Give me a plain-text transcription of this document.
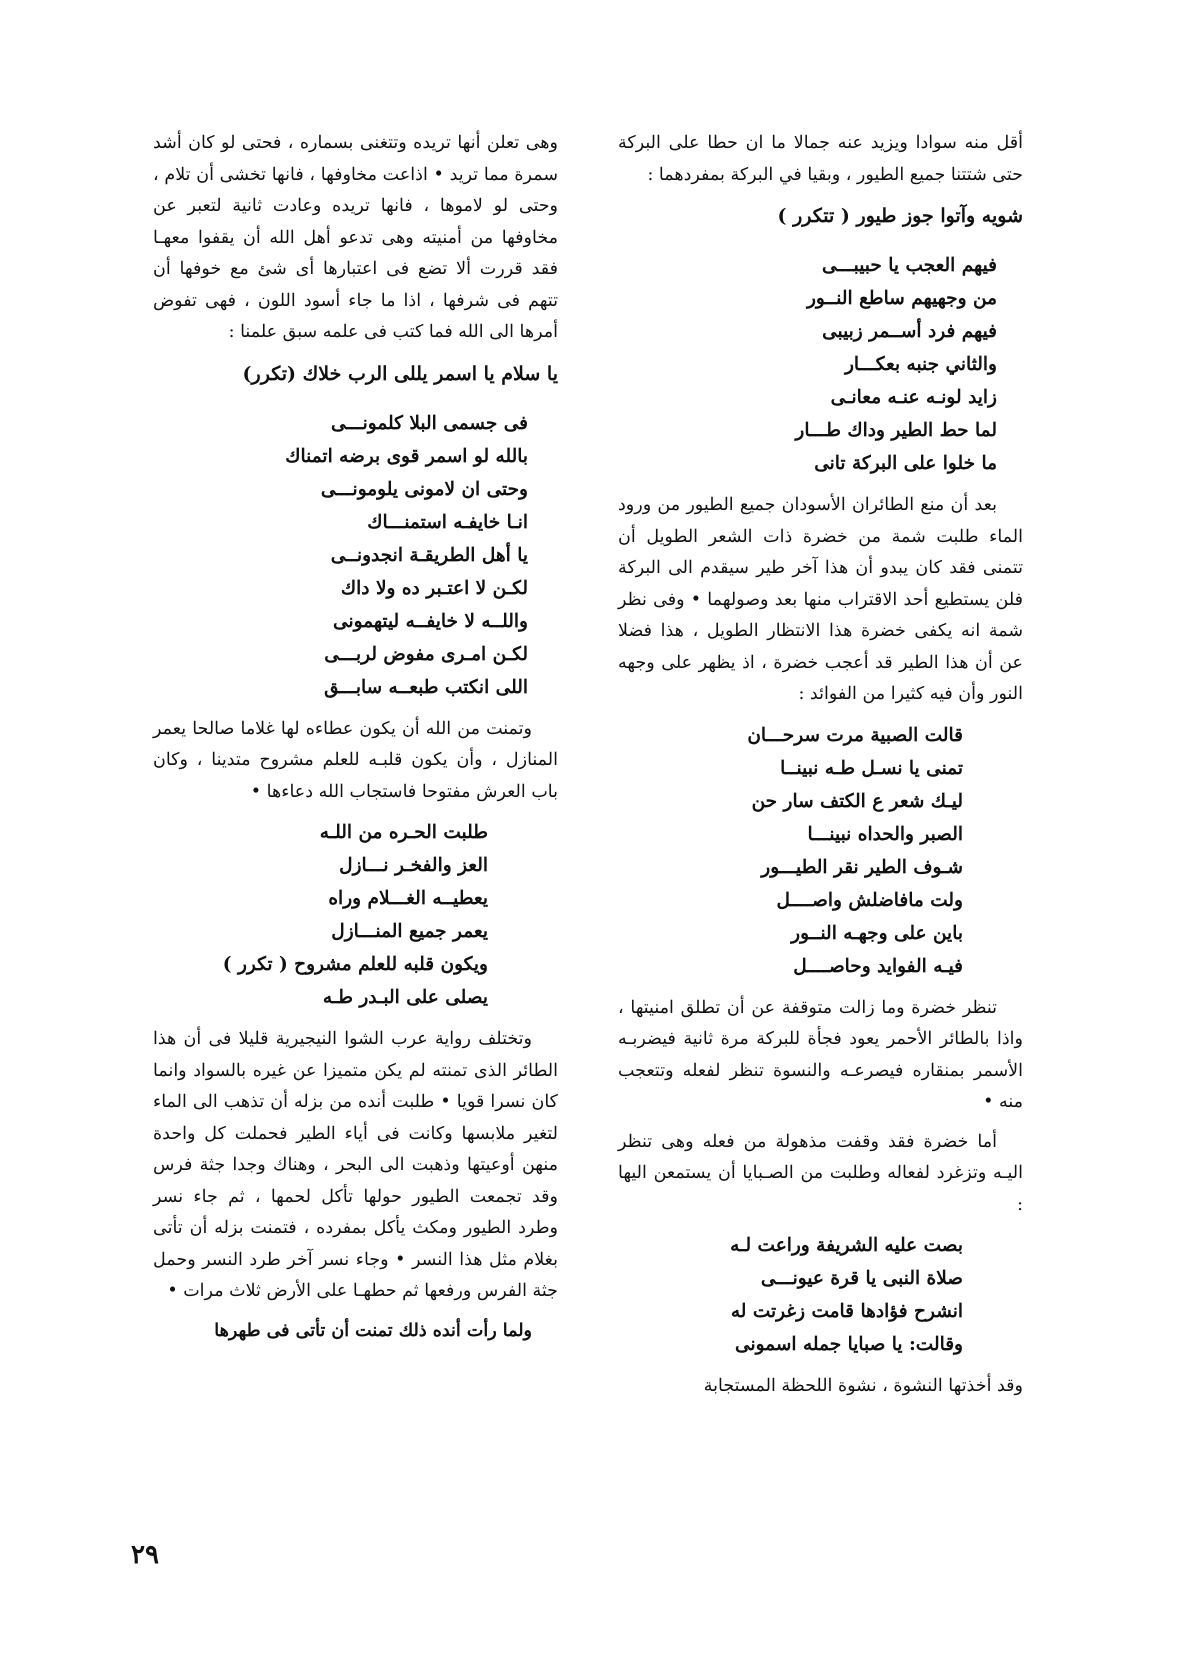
أقل منه سوادا ويزيد عنه جمالا ما ان حطا على البركة حتى شتتنا جميع الطيور ، وبقيا في البركة بمفردهما :

شويه وآتوا جوز طيور ( تتكرر )
فيهم العجب يا حبيبـــى
من وجهيهم ساطع النــور
فيهم فرد أســمر زبيبى
والثاني جنبه بعكـــار
زايد لونـه عنـه معانـى
لما حط الطير وداك طـــار
ما خلوا على البركة تانى

بعد أن منع الطائران الأسودان جميع الطيور من ورود الماء طلبت شمة من خضرة ذات الشعر الطويل أن تتمنى فقد كان يبدو أن هذا آخر طير سيقدم الى البركة فلن يستطيع أحد الاقتراب منها بعد وصولهما • وفى نظر شمة انه يكفى خضرة هذا الانتظار الطويل ، هذا فضلا عن أن هذا الطير قد أعجب خضرة ، اذ يظهر على وجهه النور وأن فيه كثيرا من الفوائد :

قالت الصبية مرت سرحـــان
تمنى يا نسـل طـه نبينــا
ليـك شعر ع الكتف سار حن
الصبر والحداه نبينـــا
شـوف الطير نقر الطيـــور
ولت مافاضلش واصــــل
باين على وجهـه النــور
فيـه الفوايد وحاصــــل

تنظر خضرة وما زالت متوقفة عن أن تطلق امنيتها ، واذا بالطائر الأحمر يعود فجأة للبركة مرة ثانية فيضربـه الأسمر بمنقاره فيصرعـه والنسوة تنظر لفعله وتتعجب منه •

أما خضرة فقد وقفت مذهولة من فعله وهى تنظر اليـه وتزغرد لفعاله وطلبت من الصـبايا أن يستمعن اليها :

بصت عليه الشريفة وراعت لـه
صلاة النبى يا قرة عيونـــى
انشرح فؤادها قامت زغرتت له
وقالت: يا صبايا جمله اسمونى

وقد أخذتها النشوة ، نشوة اللحظة المستجابة

وهى تعلن أنها تريده وتتغنى بسماره ، فحتى لو كان أشد سمرة مما تريد • اذاعت مخاوفها ، فانها تخشى أن تلام ، وحتى لو لاموها ، فانها تريده وعادت ثانية لتعبر عن مخاوفها من أمنيته وهى تدعو أهل الله أن يقفوا معهـا فقد قررت ألا تضع فى اعتبارها أى شئ مع خوفها أن تتهم فى شرفها ، اذا ما جاء أسود اللون ، فهى تفوض أمرها الى الله فما كتب فى علمه سبق علمنا :

يا سلام يا اسمر يللى الرب خلاك (تكرر)
فى جسمى البلا كلمونـــى
بالله لو اسمر قوى برضه اتمناك
وحتى ان لامونى يلومونـــى
انـا خايفـه استمنـــاك
يا أهل الطريقـة انجدونــى
لكـن لا اعتـبر ده ولا داك
واللــه لا خايفــه ليتهمونى
لكـن امـرى مفوض لربـــى
اللى انكتب طبعــه سابـــق

وتمنت من الله أن يكون عطاءه لها غلاما صالحا يعمر المنازل ، وأن يكون قلبـه للعلم مشروح متدينا ، وكان باب العرش مفتوحا فاستجاب الله دعاءها •

طلبت الحـره من اللـه
العز والفخـر نـــازل
يعطيــه الغـــلام وراه
يعمر جميع المنـــازل
ويكون قلبه للعلم مشروح ( تكرر )
يصلى على البـدر طـه

وتختلف رواية عرب الشوا النيجيرية قليلا فى أن هذا الطائر الذى تمنته لم يكن متميزا عن غيره بالسواد وانما كان نسرا قويا • طلبت أنده من بزله أن تذهب الى الماء لتغير ملابسها وكانت فى أياء الطير فحملت كل واحدة منهن أوعيتها وذهبت الى البحر ، وهناك وجدا جثة فرس وقد تجمعت الطيور حولها تأكل لحمها ، ثم جاء نسر وطرد الطيور ومكث يأكل بمفرده ، فتمنت بزله أن تأتى بغلام مثل هذا النسر • وجاء نسر آخر طرد النسر وحمل جثة الفرس ورفعها ثم حطهـا على الأرض ثلاث مرات •

ولما رأت أنده ذلك تمنت أن تأتى فى طهرها

٢٩
